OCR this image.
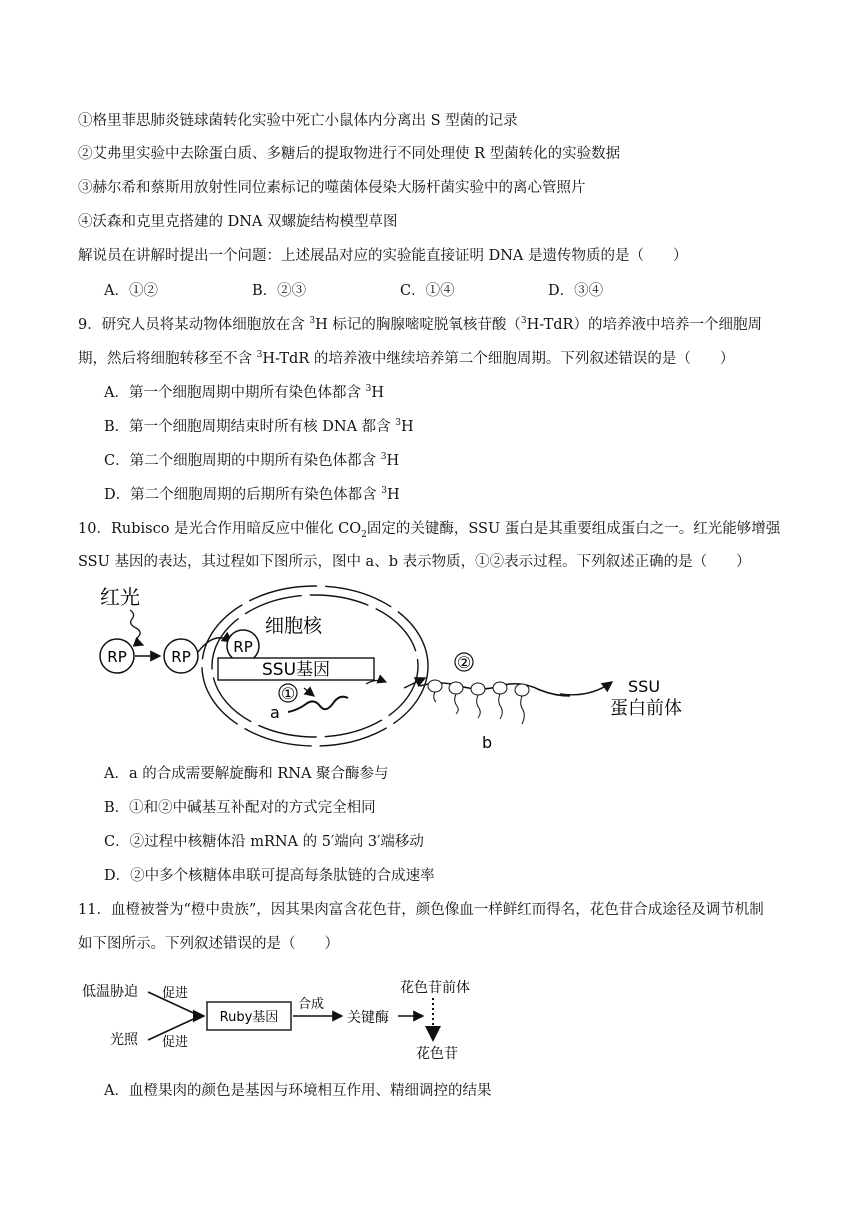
①格里菲思肺炎链球菌转化实验中死亡小鼠体内分离出 S 型菌的记录
②艾弗里实验中去除蛋白质、多糖后的提取物进行不同处理使 R 型菌转化的实验数据
③赫尔希和蔡斯用放射性同位素标记的噬菌体侵染大肠杆菌实验中的离心管照片
④沃森和克里克搭建的 DNA 双螺旋结构模型草图
解说员在讲解时提出一个问题：上述展品对应的实验能直接证明 DNA 是遗传物质的是（　　）
A．①②	B．②③	C．①④	D．③④
9．研究人员将某动物体细胞放在含 $^3$H 标记的胸腺嘧啶脱氧核苷酸（$^3$H-TdR）的培养液中培养一个细胞周
期，然后将细胞转移至不含 $^3$H-TdR 的培养液中继续培养第二个细胞周期。下列叙述错误的是（　　）
A．第一个细胞周期中期所有染色体都含 $^3$H
B．第一个细胞周期结束时所有核 DNA 都含 $^3$H
C．第二个细胞周期的中期所有染色体都含 $^3$H
D．第二个细胞周期的后期所有染色体都含 $^3$H
10．Rubisco 是光合作用暗反应中催化 $CO_2$固定的关键酶，SSU 蛋白是其重要组成蛋白之一。红光能够增强
SSU 基因的表达，其过程如下图所示，图中 a、b 表示物质，①②表示过程。下列叙述正确的是（　　）
红光
RP	RP
RP
细胞核
SSU基因
①
a
②
b
SSU
蛋白前体
A．a 的合成需要解旋酶和 RNA 聚合酶参与
B．①和②中碱基互补配对的方式完全相同
C．②过程中核糖体沿 mRNA 的 5′端向 3′端移动
D．②中多个核糖体串联可提高每条肽链的合成速率
11．血橙被誉为“橙中贵族”，因其果肉富含花色苷，颜色像血一样鲜红而得名，花色苷合成途径及调节机制
如下图所示。下列叙述错误的是（　　）
低温胁迫
光照
促进
促进
Ruby基因
合成
关键酶
花色苷前体
花色苷
A．血橙果肉的颜色是基因与环境相互作用、精细调控的结果
